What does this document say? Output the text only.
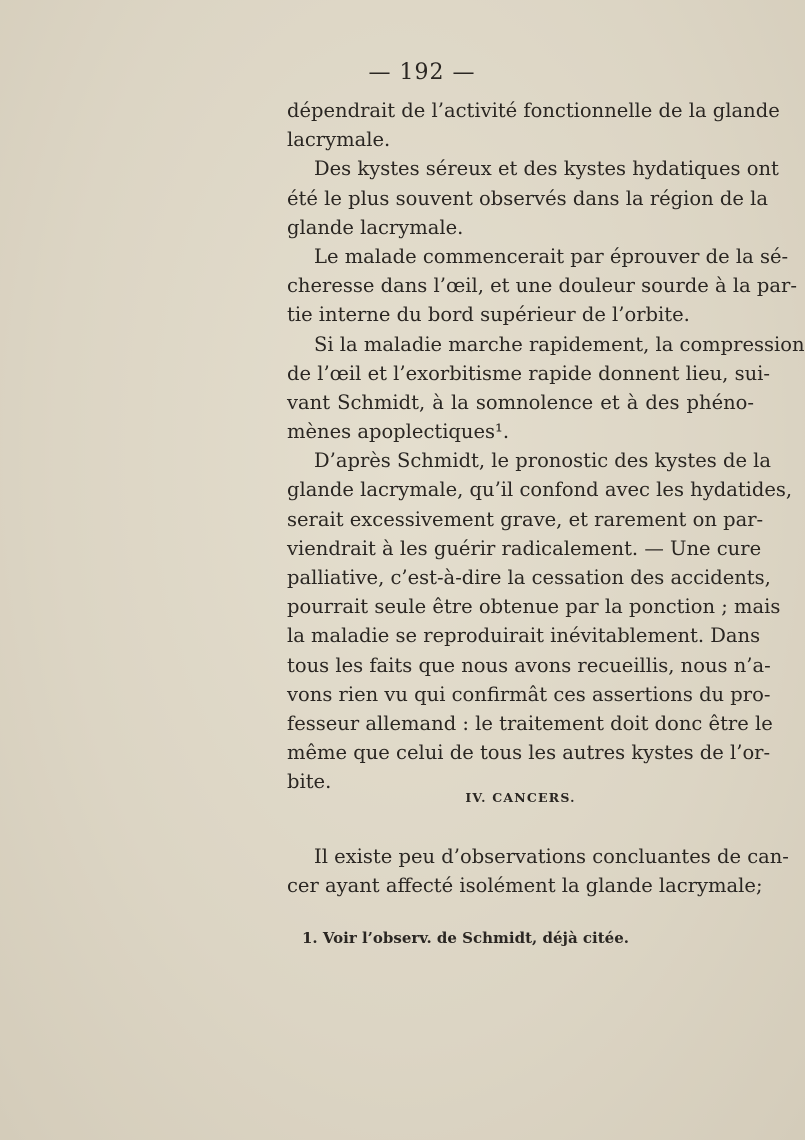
— 192 —
dépendrait de l’activité fonctionnelle de la glande
lacrymale.
Des kystes séreux et des kystes hydatiques ont
été le plus souvent observés dans la région de la
glande lacrymale.
Le malade commencerait par éprouver de la sé-
cheresse dans l’œil, et une douleur sourde à la par-
tie interne du bord supérieur de l’orbite.
Si la maladie marche rapidement, la compression
de l’œil et l’exorbitisme rapide donnent lieu, sui-
vant Schmidt, à la somnolence et à des phéno-
mènes apoplectiques¹.
D’après Schmidt, le pronostic des kystes de la
glande lacrymale, qu’il confond avec les hydatides,
serait excessivement grave, et rarement on par-
viendrait à les guérir radicalement. — Une cure
palliative, c’est-à-dire la cessation des accidents,
pourrait seule être obtenue par la ponction ; mais
la maladie se reproduirait inévitablement. Dans
tous les faits que nous avons recueillis, nous n’a-
vons rien vu qui confirmât ces assertions du pro-
fesseur allemand : le traitement doit donc être le
même que celui de tous les autres kystes de l’or-
bite.
IV. CANCERS.
Il existe peu d’observations concluantes de can-
cer ayant affecté isolément la glande lacrymale;
1. Voir l’observ. de Schmidt, déjà citée.
